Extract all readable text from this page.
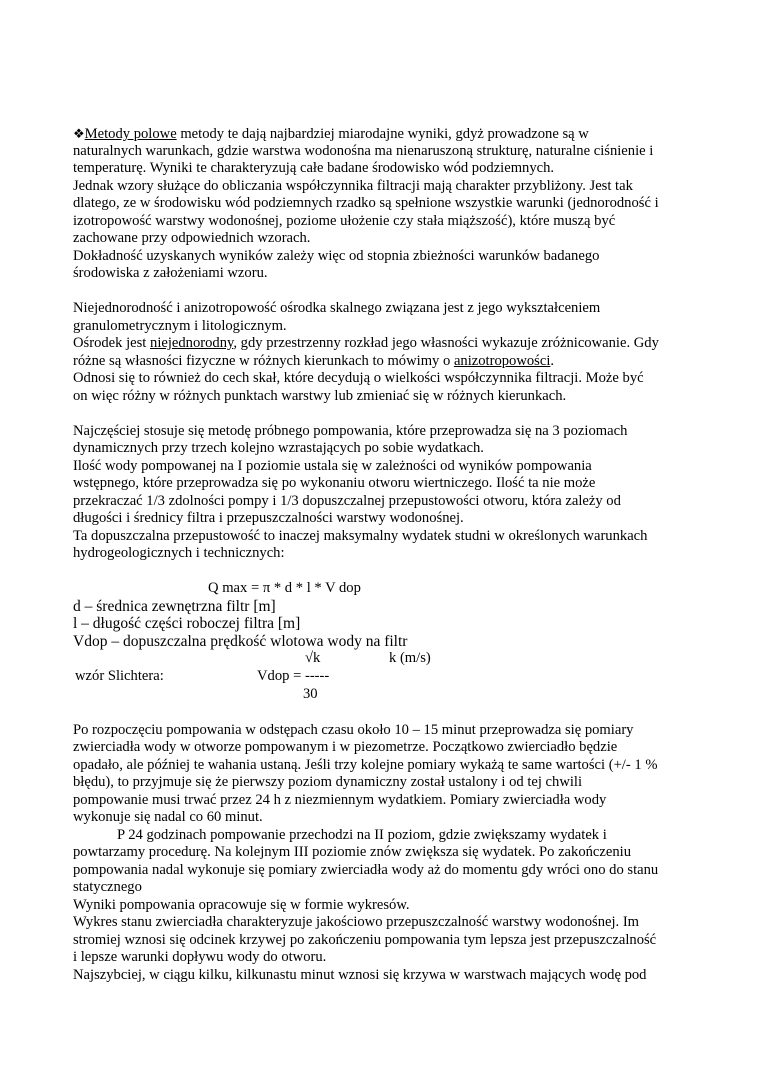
❖Metody polowe metody te dają najbardziej miarodajne wyniki, gdyż prowadzone są w
naturalnych warunkach, gdzie warstwa wodonośna ma nienaruszoną strukturę, naturalne ciśnienie i
temperaturę. Wyniki te charakteryzują całe badane środowisko wód podziemnych.
Jednak wzory służące do obliczania współczynnika filtracji mają charakter przybliżony. Jest tak
dlatego, ze w środowisku wód podziemnych rzadko są spełnione wszystkie warunki (jednorodność i
izotropowość warstwy wodonośnej, poziome ułożenie czy stała miąższość), które muszą być
zachowane przy odpowiednich wzorach.
Dokładność uzyskanych wyników zależy więc od stopnia zbieżności warunków badanego
środowiska z założeniami wzoru.
Niejednorodność i anizotropowość ośrodka skalnego związana jest z jego wykształceniem
granulometrycznym i litologicznym.
Ośrodek jest niejednorodny, gdy przestrzenny rozkład jego własności wykazuje zróżnicowanie. Gdy
różne są własności fizyczne w różnych kierunkach to mówimy o anizotropowości.
Odnosi się to również do cech skał, które decydują o wielkości współczynnika filtracji. Może być
on więc różny w różnych punktach warstwy lub zmieniać się w różnych kierunkach.
Najczęściej stosuje się metodę próbnego pompowania, które przeprowadza się na 3 poziomach
dynamicznych przy trzech kolejno wzrastających po sobie wydatkach.
Ilość wody pompowanej na I poziomie ustala się w zależności od wyników pompowania
wstępnego, które przeprowadza się po wykonaniu otworu wiertniczego. Ilość ta nie może
przekraczać 1/3 zdolności pompy i 1/3 dopuszczalnej przepustowości otworu, która zależy od
długości i średnicy filtra i przepuszczalności warstwy wodonośnej.
Ta dopuszczalna przepustowość to inaczej maksymalny wydatek studni w określonych warunkach
hydrogeologicznych i technicznych:
Q max = π * d * l * V dop
d – średnica zewnętrzna filtr [m]
l – długość części roboczej filtra [m]
Vdop – dopuszczalna prędkość wlotowa wody na filtr
√k	k (m/s)
wzór Slichtera:	Vdop = -----
30
Po rozpoczęciu pompowania w odstępach czasu około 10 – 15 minut przeprowadza się pomiary
zwierciadła wody w otworze pompowanym i w piezometrze. Początkowo zwierciadło będzie
opadało, ale później te wahania ustaną. Jeśli trzy kolejne pomiary wykażą te same wartości (+/- 1 %
błędu), to przyjmuje się że pierwszy poziom dynamiczny został ustalony i od tej chwili
pompowanie musi trwać przez 24 h z niezmiennym wydatkiem. Pomiary zwierciadła wody
wykonuje się nadal co 60 minut.
P 24 godzinach pompowanie przechodzi na II poziom, gdzie zwiększamy wydatek i
powtarzamy procedurę. Na kolejnym III poziomie znów zwiększa się wydatek. Po zakończeniu
pompowania nadal wykonuje się pomiary zwierciadła wody aż do momentu gdy wróci ono do stanu
statycznego
Wyniki pompowania opracowuje się w formie wykresów.
Wykres stanu zwierciadła charakteryzuje jakościowo przepuszczalność warstwy wodonośnej. Im
stromiej wznosi się odcinek krzywej po zakończeniu pompowania tym lepsza jest przepuszczalność
i lepsze warunki dopływu wody do otworu.
Najszybciej, w ciągu kilku, kilkunastu minut wznosi się krzywa w warstwach mających wodę pod
